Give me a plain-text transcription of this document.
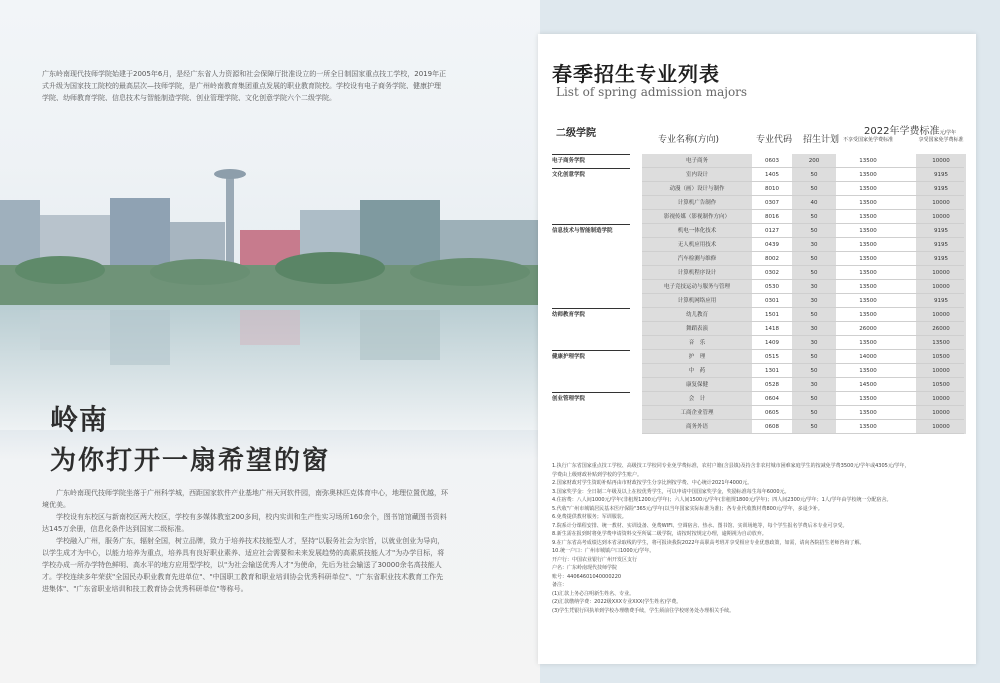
广东岭南现代技师学院始建于2005年6月，是经广东省人力资源和社会保障厅批准设立的一所全日制国家重点技工学校，2019年正式升级为国家技工院校的最高层次—技师学院，是广州岭南教育集团重点发展的职业教育院校。学校设有电子商务学院、健康护理学院、幼师教育学院、信息技术与智能制造学院、创业管理学院、文化创意学院六个二级学院。
岭南
为你打开一扇希望的窗

广东岭南现代技师学院坐落于广州科学城，西距国家软件产业基地广州天河软件园，南弥奥林匹克体育中心，地理位置优越，环境优美。

学校设有东校区与新南校区两大校区，学校有多媒体教室200多间，校内实训和生产性实习场所160余个，图书馆馆藏图书资料达145万余册，信息化条件达到国家二级标准。

学校融入广州，服务广东，辐射全国，树立品牌，致力于培养技术技能型人才，坚持"以服务社会为宗旨，以就业创业为导向，以学生成才为中心，以能力培养为重点，培养具有良好职业素养、适应社会需要和未来发展趋势的高素质技能人才"为办学目标，将学校办成一所办学特色鲜明、高水平的地方应用型学校，以"为社会输送优秀人才"为使命，先后为社会输送了30000余名高技能人才。学校连续多年荣获"全国民办职业教育先进单位"、"中国职工教育和职业培训协会优秀科研单位"、"广东省职业技术教育工作先进集体"、"广东省职业培训和技工教育协会优秀科研单位"等称号。

春季招生专业列表
List of spring admission majors
二级学院
专业名称(方向)	专业代码 招生计划
2022年学费标准元/学年
不享受国家免学费标准	享受国家免学费标准
电子商务学院	电子商务	0603	200	13500	10000
文化创意学院	室内设计	1405	50	13500	9195
动漫（画）设计与制作	8010	50	13500	9195
计算机广告制作	0307	40	13500	10000
影视传媒（影视制作方向）	8016	50	13500	10000
信息技术与智能制造学院	机电一体化技术	0127	50	13500	9195
无人机应用技术	0439	30	13500	9195
汽车检测与维修	8002	50	13500	9195
计算机程序设计	0302	50	13500	10000
电子竞技运动与服务与管理	0530	30	13500	10000
计算机网络应用	0301	30	13500	9195
幼师教育学院	幼儿教育	1501	50	13500	10000
舞蹈表演	1418	30	26000	26000
音　乐	1409	30	13500	13500
健康护理学院	护　理	0515	50	14000	10500
中　药	1301	50	13500	10000
康复保健	0528	30	14500	10500
创业管理学院	会　计	0604	50	13500	10000
工商企业管理	0605	50	13500	10000
商务外语	0608	50	13500	10000
1.执行广东省国家重点技工学校、高级技工学校同专业免学费标准，农村户籍(含县镇)及持含非农村城市困难家庭学生的按减免学费3500元/学年或4305元/学年，
学费由上级财政补贴到学校的学生账户。
2.国家财政对学生资助补贴再由市财政按学生分享比例按学费、中心统计2021年4000元。
3.国家奖学金：全日制二年级及以上在校优秀学生，可以申请中国国家奖学金，奖励标准每生每年6000元。
4.住宿费：八人间1000元/学年(非租规1200元/学年)；六人间1500元/学年(非租规1800元/学年)；四人间2300元/学年；1人/学年由学校统一分配宿舍。
5.代收"广州市城镇居民基本医疗保险"365元/学年(以当年国家实际标准为准)；各专业代收教材费800元/学年，多退少补。
6.免费提供教材服务；军训服装。
7.院系计分课程安排、统一教材、实训设备、免费WIFI、空调宿舍、热水、图书馆、实训场地等，每个学生报名学费后本专业可享受。
8.新生需在报到时将免学费申请资料交至所属二级学院，请按时按规定办理，逾期视为自动放弃。
9.在广东省高考成绩达到本省录取线的学生，将可报读我院2022年高职高考班并享受相应专业优惠政策，如需，请向各院招生老师咨询了解。
10.统一户口：广州市城镇户口1000元/学年。
开户行：中国农业银行广州开发区支行
户名：广东岭南现代技师学院
账号：44064601040000220
备注：
(1)汇款上务必注明新生姓名、专业。
(2)汇款缴纳学费：2022级XXX专业XXX(学生姓名)学费。
(3)学生凭银行回执单到学校办理缴费手续，学生须前往学校财务处办理相关手续。
